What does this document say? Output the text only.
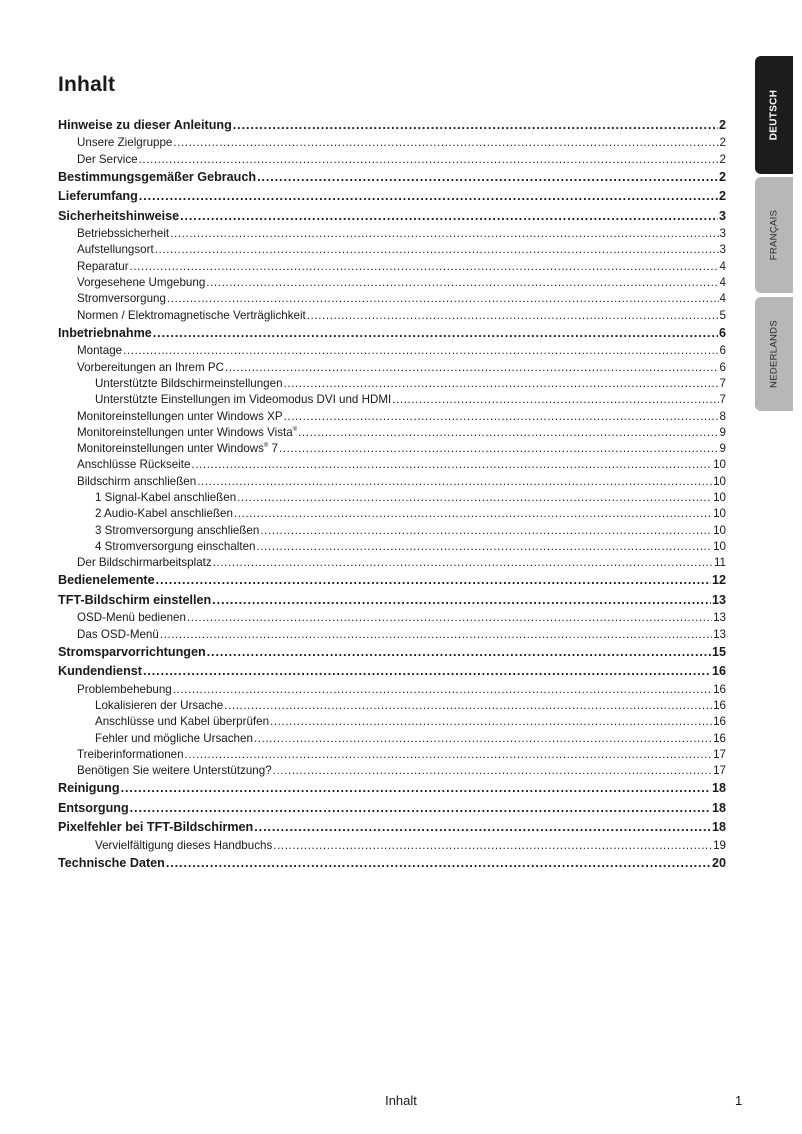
Inhalt
Hinweise zu dieser Anleitung .....	2
Unsere Zielgruppe .....	2
Der Service .....	2
Bestimmungsgemäßer Gebrauch .....	2
Lieferumfang .....	2
Sicherheitshinweise .....	3
Betriebssicherheit .....	3
Aufstellungsort .....	3
Reparatur .....	4
Vorgesehene Umgebung .....	4
Stromversorgung .....	4
Normen / Elektromagnetische Verträglichkeit .....	5
Inbetriebnahme .....	6
Montage .....	6
Vorbereitungen an Ihrem PC .....	6
Unterstützte Bildschirmeinstellungen .....	7
Unterstützte Einstellungen im Videomodus DVI und HDMI .....	7
Monitoreinstellungen unter Windows XP .....	8
Monitoreinstellungen unter Windows Vista® .....	9
Monitoreinstellungen unter Windows® 7 .....	9
Anschlüsse Rückseite .....	10
Bildschirm anschließen .....	10
1 Signal-Kabel anschließen .....	10
2 Audio-Kabel anschließen .....	10
3 Stromversorgung anschließen .....	10
4 Stromversorgung einschalten .....	10
Der Bildschirmarbeitsplatz .....	11
Bedienelemente .....	12
TFT-Bildschirm einstellen .....	13
OSD-Menü bedienen .....	13
Das OSD-Menü .....	13
Stromsparvorrichtungen .....	15
Kundendienst .....	16
Problembehebung .....	16
Lokalisieren der Ursache .....	16
Anschlüsse und Kabel überprüfen .....	16
Fehler und mögliche Ursachen .....	16
Treiberinformationen .....	17
Benötigen Sie weitere Unterstützung? .....	17
Reinigung .....	18
Entsorgung .....	18
Pixelfehler bei TFT-Bildschirmen .....	18
Vervielfältigung dieses Handbuchs .....	19
Technische Daten .....	20
DEUTSCH
FRANÇAIS
NEDERLANDS
Inhalt	1
